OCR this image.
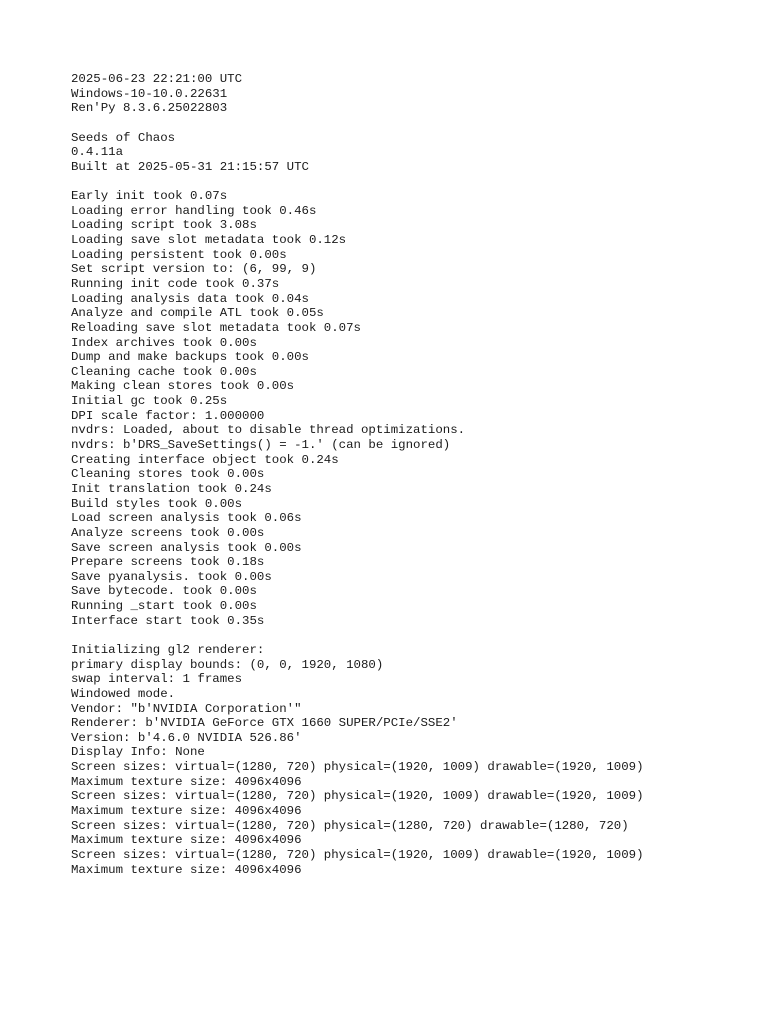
2025-06-23 22:21:00 UTC
Windows-10-10.0.22631
Ren'Py 8.3.6.25022803
Seeds of Chaos
0.4.11a
Built at 2025-05-31 21:15:57 UTC
Early init took 0.07s
Loading error handling took 0.46s
Loading script took 3.08s
Loading save slot metadata took 0.12s
Loading persistent took 0.00s
Set script version to: (6, 99, 9)
Running init code took 0.37s
Loading analysis data took 0.04s
Analyze and compile ATL took 0.05s
Reloading save slot metadata took 0.07s
Index archives took 0.00s
Dump and make backups took 0.00s
Cleaning cache took 0.00s
Making clean stores took 0.00s
Initial gc took 0.25s
DPI scale factor: 1.000000
nvdrs: Loaded, about to disable thread optimizations.
nvdrs: b'DRS_SaveSettings() = -1.' (can be ignored)
Creating interface object took 0.24s
Cleaning stores took 0.00s
Init translation took 0.24s
Build styles took 0.00s
Load screen analysis took 0.06s
Analyze screens took 0.00s
Save screen analysis took 0.00s
Prepare screens took 0.18s
Save pyanalysis. took 0.00s
Save bytecode. took 0.00s
Running _start took 0.00s
Interface start took 0.35s
Initializing gl2 renderer:
primary display bounds: (0, 0, 1920, 1080)
swap interval: 1 frames
Windowed mode.
Vendor: "b'NVIDIA Corporation'"
Renderer: b'NVIDIA GeForce GTX 1660 SUPER/PCIe/SSE2'
Version: b'4.6.0 NVIDIA 526.86'
Display Info: None
Screen sizes: virtual=(1280, 720) physical=(1920, 1009) drawable=(1920, 1009)
Maximum texture size: 4096x4096
Screen sizes: virtual=(1280, 720) physical=(1920, 1009) drawable=(1920, 1009)
Maximum texture size: 4096x4096
Screen sizes: virtual=(1280, 720) physical=(1280, 720) drawable=(1280, 720)
Maximum texture size: 4096x4096
Screen sizes: virtual=(1280, 720) physical=(1920, 1009) drawable=(1920, 1009)
Maximum texture size: 4096x4096
